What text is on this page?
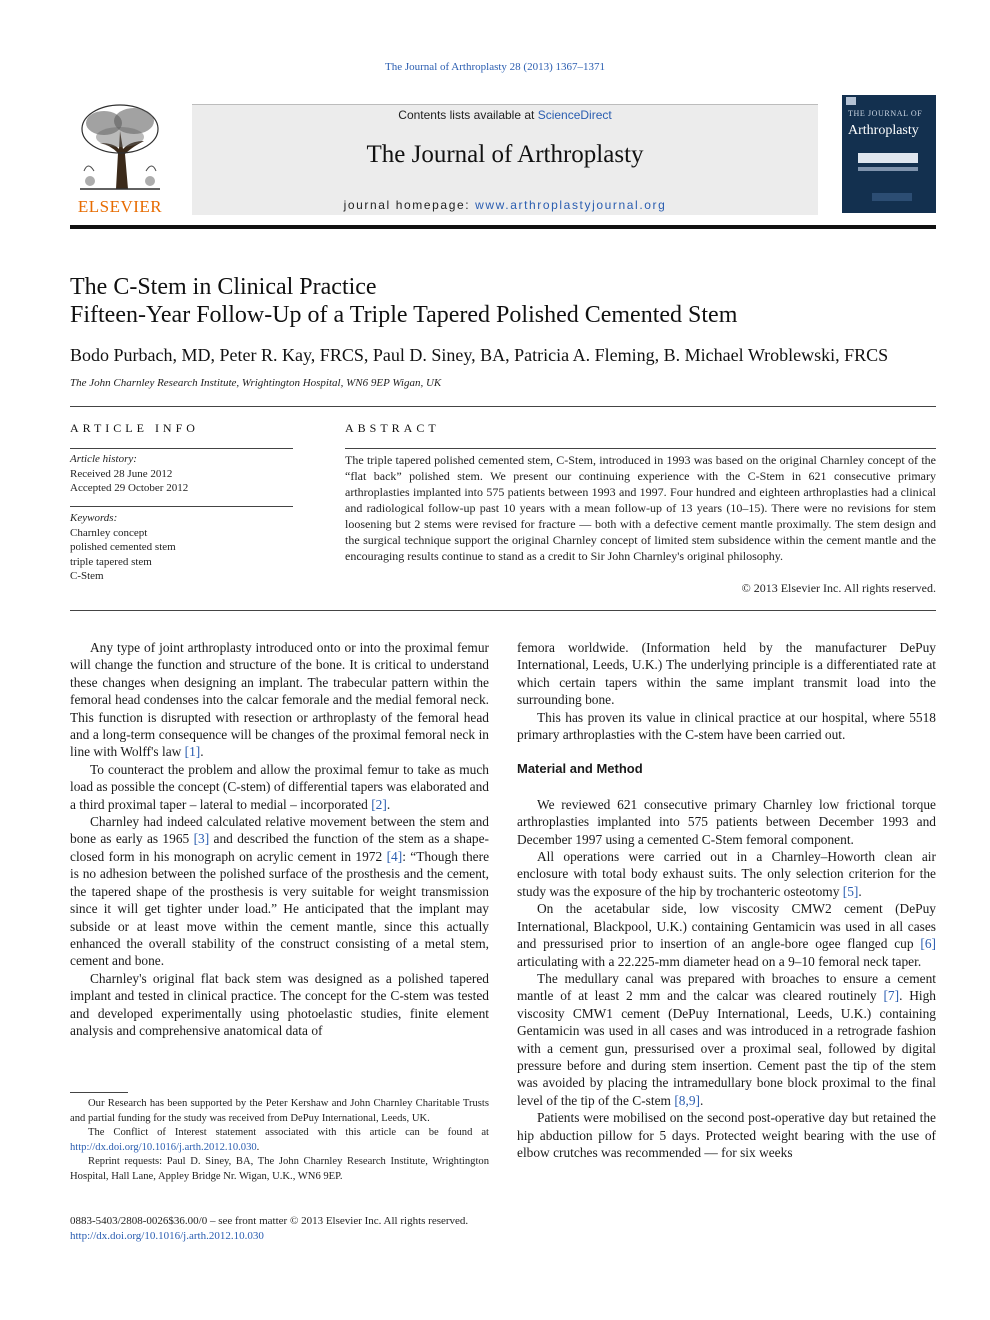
The Journal of Arthroplasty 28 (2013) 1367–1371
ELSEVIER
Contents lists available at ScienceDirect
The Journal of Arthroplasty
journal homepage: www.arthroplastyjournal.org
THE JOURNAL OF
Arthroplasty
The C-Stem in Clinical Practice
Fifteen-Year Follow-Up of a Triple Tapered Polished Cemented Stem
Bodo Purbach, MD, Peter R. Kay, FRCS, Paul D. Siney, BA, Patricia A. Fleming, B. Michael Wroblewski, FRCS
The John Charnley Research Institute, Wrightington Hospital, WN6 9EP Wigan, UK
ARTICLE INFO
Article history:
Received 28 June 2012
Accepted 29 October 2012
Keywords:
Charnley concept
polished cemented stem
triple tapered stem
C-Stem
ABSTRACT
The triple tapered polished cemented stem, C-Stem, introduced in 1993 was based on the original Charnley concept of the “flat back” polished stem. We present our continuing experience with the C-Stem in 621 consecutive primary arthroplasties implanted into 575 patients between 1993 and 1997. Four hundred and eighteen arthroplasties had a clinical and radiological follow-up past 10 years with a mean follow-up of 13 years (10–15). There were no revisions for stem loosening but 2 stems were revised for fracture — both with a defective cement mantle proximally. The stem design and the surgical technique support the original Charnley concept of limited stem subsidence within the cement mantle and the encouraging results continue to stand as a credit to Sir John Charnley's original philosophy.
© 2013 Elsevier Inc. All rights reserved.

Any type of joint arthroplasty introduced onto or into the proximal femur will change the function and structure of the bone. It is critical to understand these changes when designing an implant. The trabecular pattern within the femoral head condenses into the calcar femorale and the medial femoral neck. This function is disrupted with resection or arthroplasty of the femoral head and a long-term consequence will be changes of the proximal femoral neck in line with Wolff's law [1].

To counteract the problem and allow the proximal femur to take as much load as possible the concept (C-stem) of differential tapers was elaborated and a third proximal taper – lateral to medial – incorporated [2].

Charnley had indeed calculated relative movement between the stem and bone as early as 1965 [3] and described the function of the stem as a shape-closed form in his monograph on acrylic cement in 1972 [4]: “Though there is no adhesion between the polished surface of the prosthesis and the cement, the tapered shape of the prosthesis is very suitable for weight transmission since it will get tighter under load.” He anticipated that the implant may subside or at least move within the cement mantle, since this actually enhanced the overall stability of the construct consisting of a metal stem, cement and bone.

Charnley's original flat back stem was designed as a polished tapered implant and tested in clinical practice. The concept for the C-stem was tested and developed experimentally using photoelastic studies, finite element analysis and comprehensive anatomical data of

Our Research has been supported by the Peter Kershaw and John Charnley Charitable Trusts and partial funding for the study was received from DePuy International, Leeds, UK.

The Conflict of Interest statement associated with this article can be found at http://dx.doi.org/10.1016/j.arth.2012.10.030.

Reprint requests: Paul D. Siney, BA, The John Charnley Research Institute, Wrightington Hospital, Hall Lane, Appley Bridge Nr. Wigan, U.K., WN6 9EP.

0883-5403/2808-0026$36.00/0 – see front matter © 2013 Elsevier Inc. All rights reserved.
http://dx.doi.org/10.1016/j.arth.2012.10.030

femora worldwide. (Information held by the manufacturer DePuy International, Leeds, U.K.) The underlying principle is a differentiated rate at which certain tapers within the same implant transmit load into the surrounding bone.

This has proven its value in clinical practice at our hospital, where 5518 primary arthroplasties with the C-stem have been carried out.

Material and Method

We reviewed 621 consecutive primary Charnley low frictional torque arthroplasties implanted into 575 patients between December 1993 and December 1997 using a cemented C-Stem femoral component.

All operations were carried out in a Charnley–Howorth clean air enclosure with total body exhaust suits. The only selection criterion for the study was the exposure of the hip by trochanteric osteotomy [5].

On the acetabular side, low viscosity CMW2 cement (DePuy International, Blackpool, U.K.) containing Gentamicin was used in all cases and pressurised prior to insertion of an angle-bore ogee flanged cup [6] articulating with a 22.225-mm diameter head on a 9–10 femoral neck taper.

The medullary canal was prepared with broaches to ensure a cement mantle of at least 2 mm and the calcar was cleared routinely [7]. High viscosity CMW1 cement (DePuy International, Leeds, U.K.) containing Gentamicin was used in all cases and was introduced in a retrograde fashion with a cement gun, pressurised over a proximal seal, followed by digital pressure before and during stem insertion. Cement past the tip of the stem was avoided by placing the intramedullary bone block proximal to the final level of the tip of the C-stem [8,9].

Patients were mobilised on the second post-operative day but retained the hip abduction pillow for 5 days. Protected weight bearing with the use of elbow crutches was recommended — for six weeks
